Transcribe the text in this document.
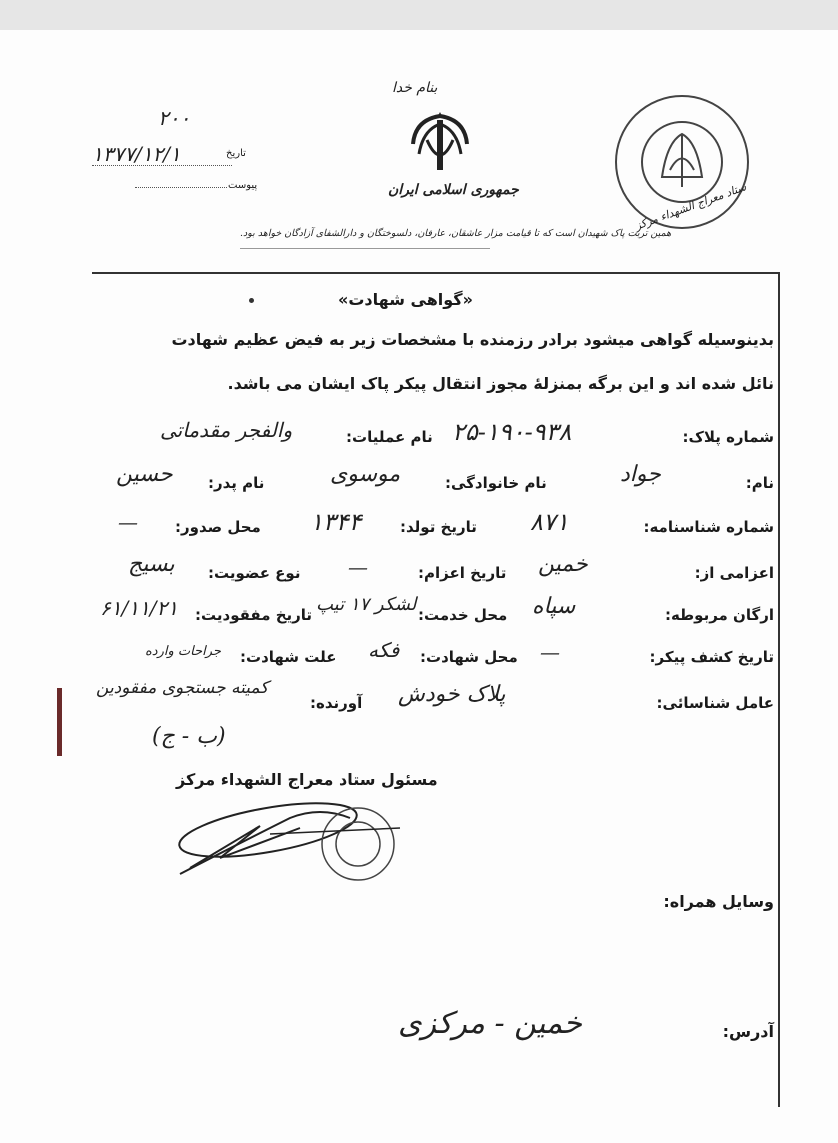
بنام خدا
جمهوری اسلامی ایران
همین تربت پاک شهیدان است که تا قیامت مزار عاشقان، عارفان، دلسوختگان و دارالشفای آزادگان خواهد بود.
۲۰۰
۱۳۷۷/۱۲/۱	تاریخ
پیوست	ستاد معراج الشهداء مرکز
«گواهی شهادت»
بدینوسیله گواهی میشود برادر رزمنده با مشخصات زیر به فیض عظیم شهادت
نائل شده اند و این برگه بمنزلهٔ مجوز انتقال پیکر پاک ایشان می باشد.
شماره پلاک:
۲۵-۱۹۰-۹۳۸
نام عملیات:
والفجر مقدماتی
نام:
جواد
نام خانوادگی:
موسوی
نام پدر:
حسین
شماره شناسنامه:
۸۷۱
تاریخ تولد:
۱۳۴۴
محل صدور:
—
اعزامی از:
خمین
تاریخ اعزام:
—
نوع عضویت:
بسیج
ارگان مربوطه:
سپاه
محل خدمت:
لشکر ۱۷ تیپ
تاریخ مفقودیت:
۶۱/۱۱/۲۱
تاریخ کشف پیکر:
—
محل شهادت:
فکه
علت شهادت:
جراحات وارده
عامل شناسائی:
پلاک خودش
آورنده:
کمیته جستجوی مفقودین
(ب - ج)
مسئول ستاد معراج الشهداء مرکز
وسایل همراه:
آدرس:
خمین - مرکزی
